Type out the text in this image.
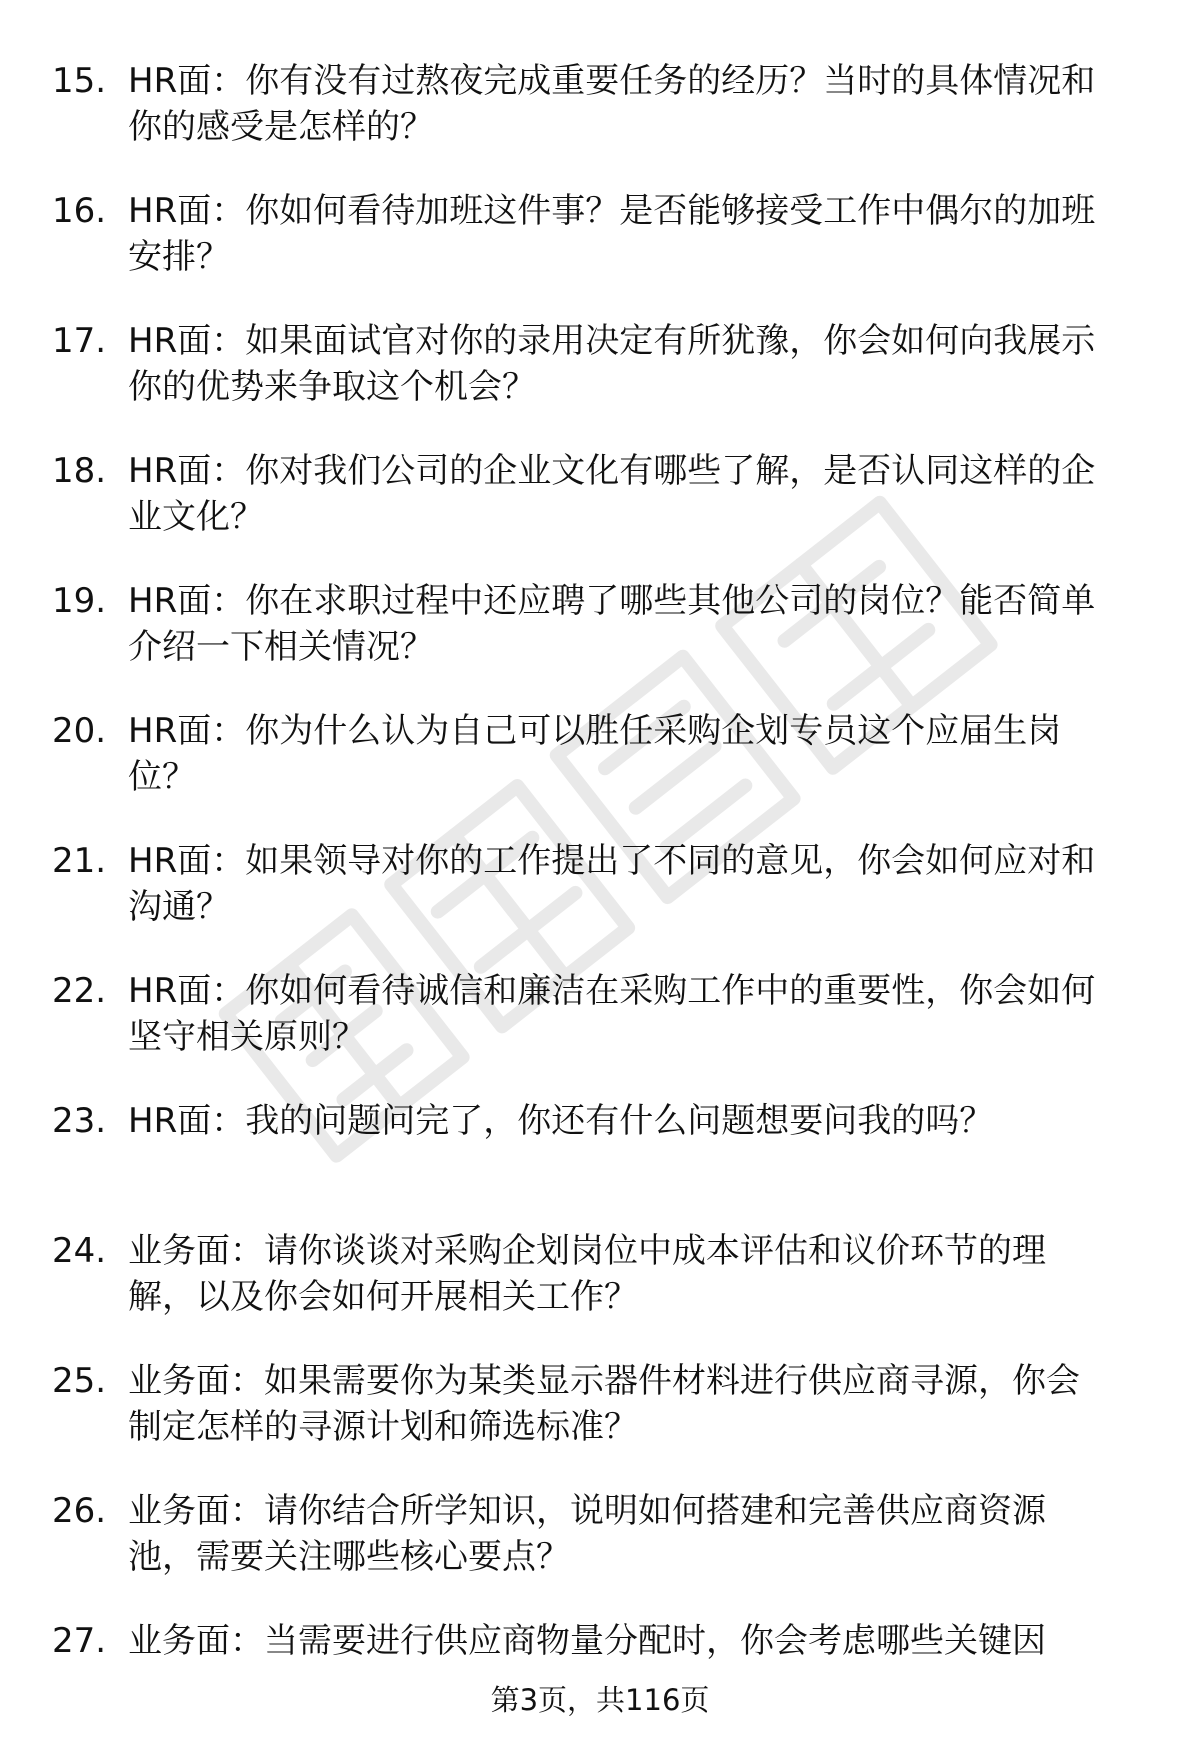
15. HR面：你有没有过熬夜完成重要任务的经历？当时的具体情况和
你的感受是怎样的？
16. HR面：你如何看待加班这件事？是否能够接受工作中偶尔的加班
安排？
17. HR面：如果面试官对你的录用决定有所犹豫，你会如何向我展示
你的优势来争取这个机会？
18. HR面：你对我们公司的企业文化有哪些了解，是否认同这样的企
业文化？
19. HR面：你在求职过程中还应聘了哪些其他公司的岗位？能否简单
介绍一下相关情况？
20. HR面：你为什么认为自己可以胜任采购企划专员这个应届生岗
位？
21. HR面：如果领导对你的工作提出了不同的意见，你会如何应对和
沟通？
22. HR面：你如何看待诚信和廉洁在采购工作中的重要性，你会如何
坚守相关原则？
23. HR面：我的问题问完了，你还有什么问题想要问我的吗？
24. 业务面：请你谈谈对采购企划岗位中成本评估和议价环节的理
解，以及你会如何开展相关工作？
25. 业务面：如果需要你为某类显示器件材料进行供应商寻源，你会
制定怎样的寻源计划和筛选标准？
26. 业务面：请你结合所学知识，说明如何搭建和完善供应商资源
池，需要关注哪些核心要点？
27. 业务面：当需要进行供应商物量分配时，你会考虑哪些关键因
第3页，共116页
